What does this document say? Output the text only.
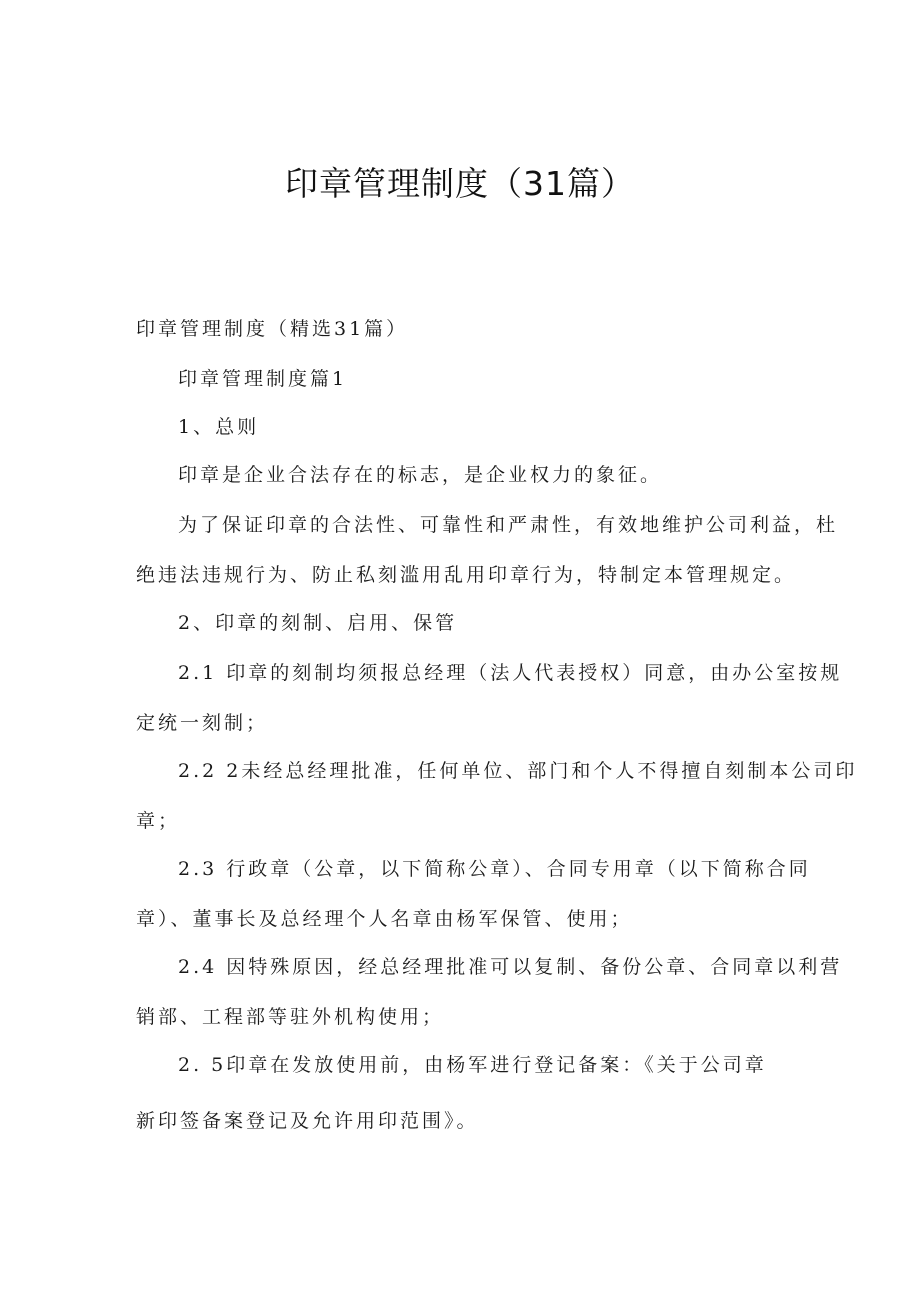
印章管理制度（31篇）

印章管理制度（精选31篇）

印章管理制度篇1

1、总则

印章是企业合法存在的标志，是企业权力的象征。

为了保证印章的合法性、可靠性和严肃性，有效地维护公司利益，杜

绝违法违规行为、防止私刻滥用乱用印章行为，特制定本管理规定。

2、印章的刻制、启用、保管

2.1 印章的刻制均须报总经理（法人代表授权）同意，由办公室按规

定统一刻制；

2.2 2未经总经理批准，任何单位、部门和个人不得擅自刻制本公司印

章；

2.3 行政章（公章，以下简称公章）、合同专用章（以下简称合同

章）、董事长及总经理个人名章由杨军保管、使用；

2.4 因特殊原因，经总经理批准可以复制、备份公章、合同章以利营

销部、工程部等驻外机构使用；

2. 5印章在发放使用前，由杨军进行登记备案：《关于公司章

新印签备案登记及允许用印范围》。
